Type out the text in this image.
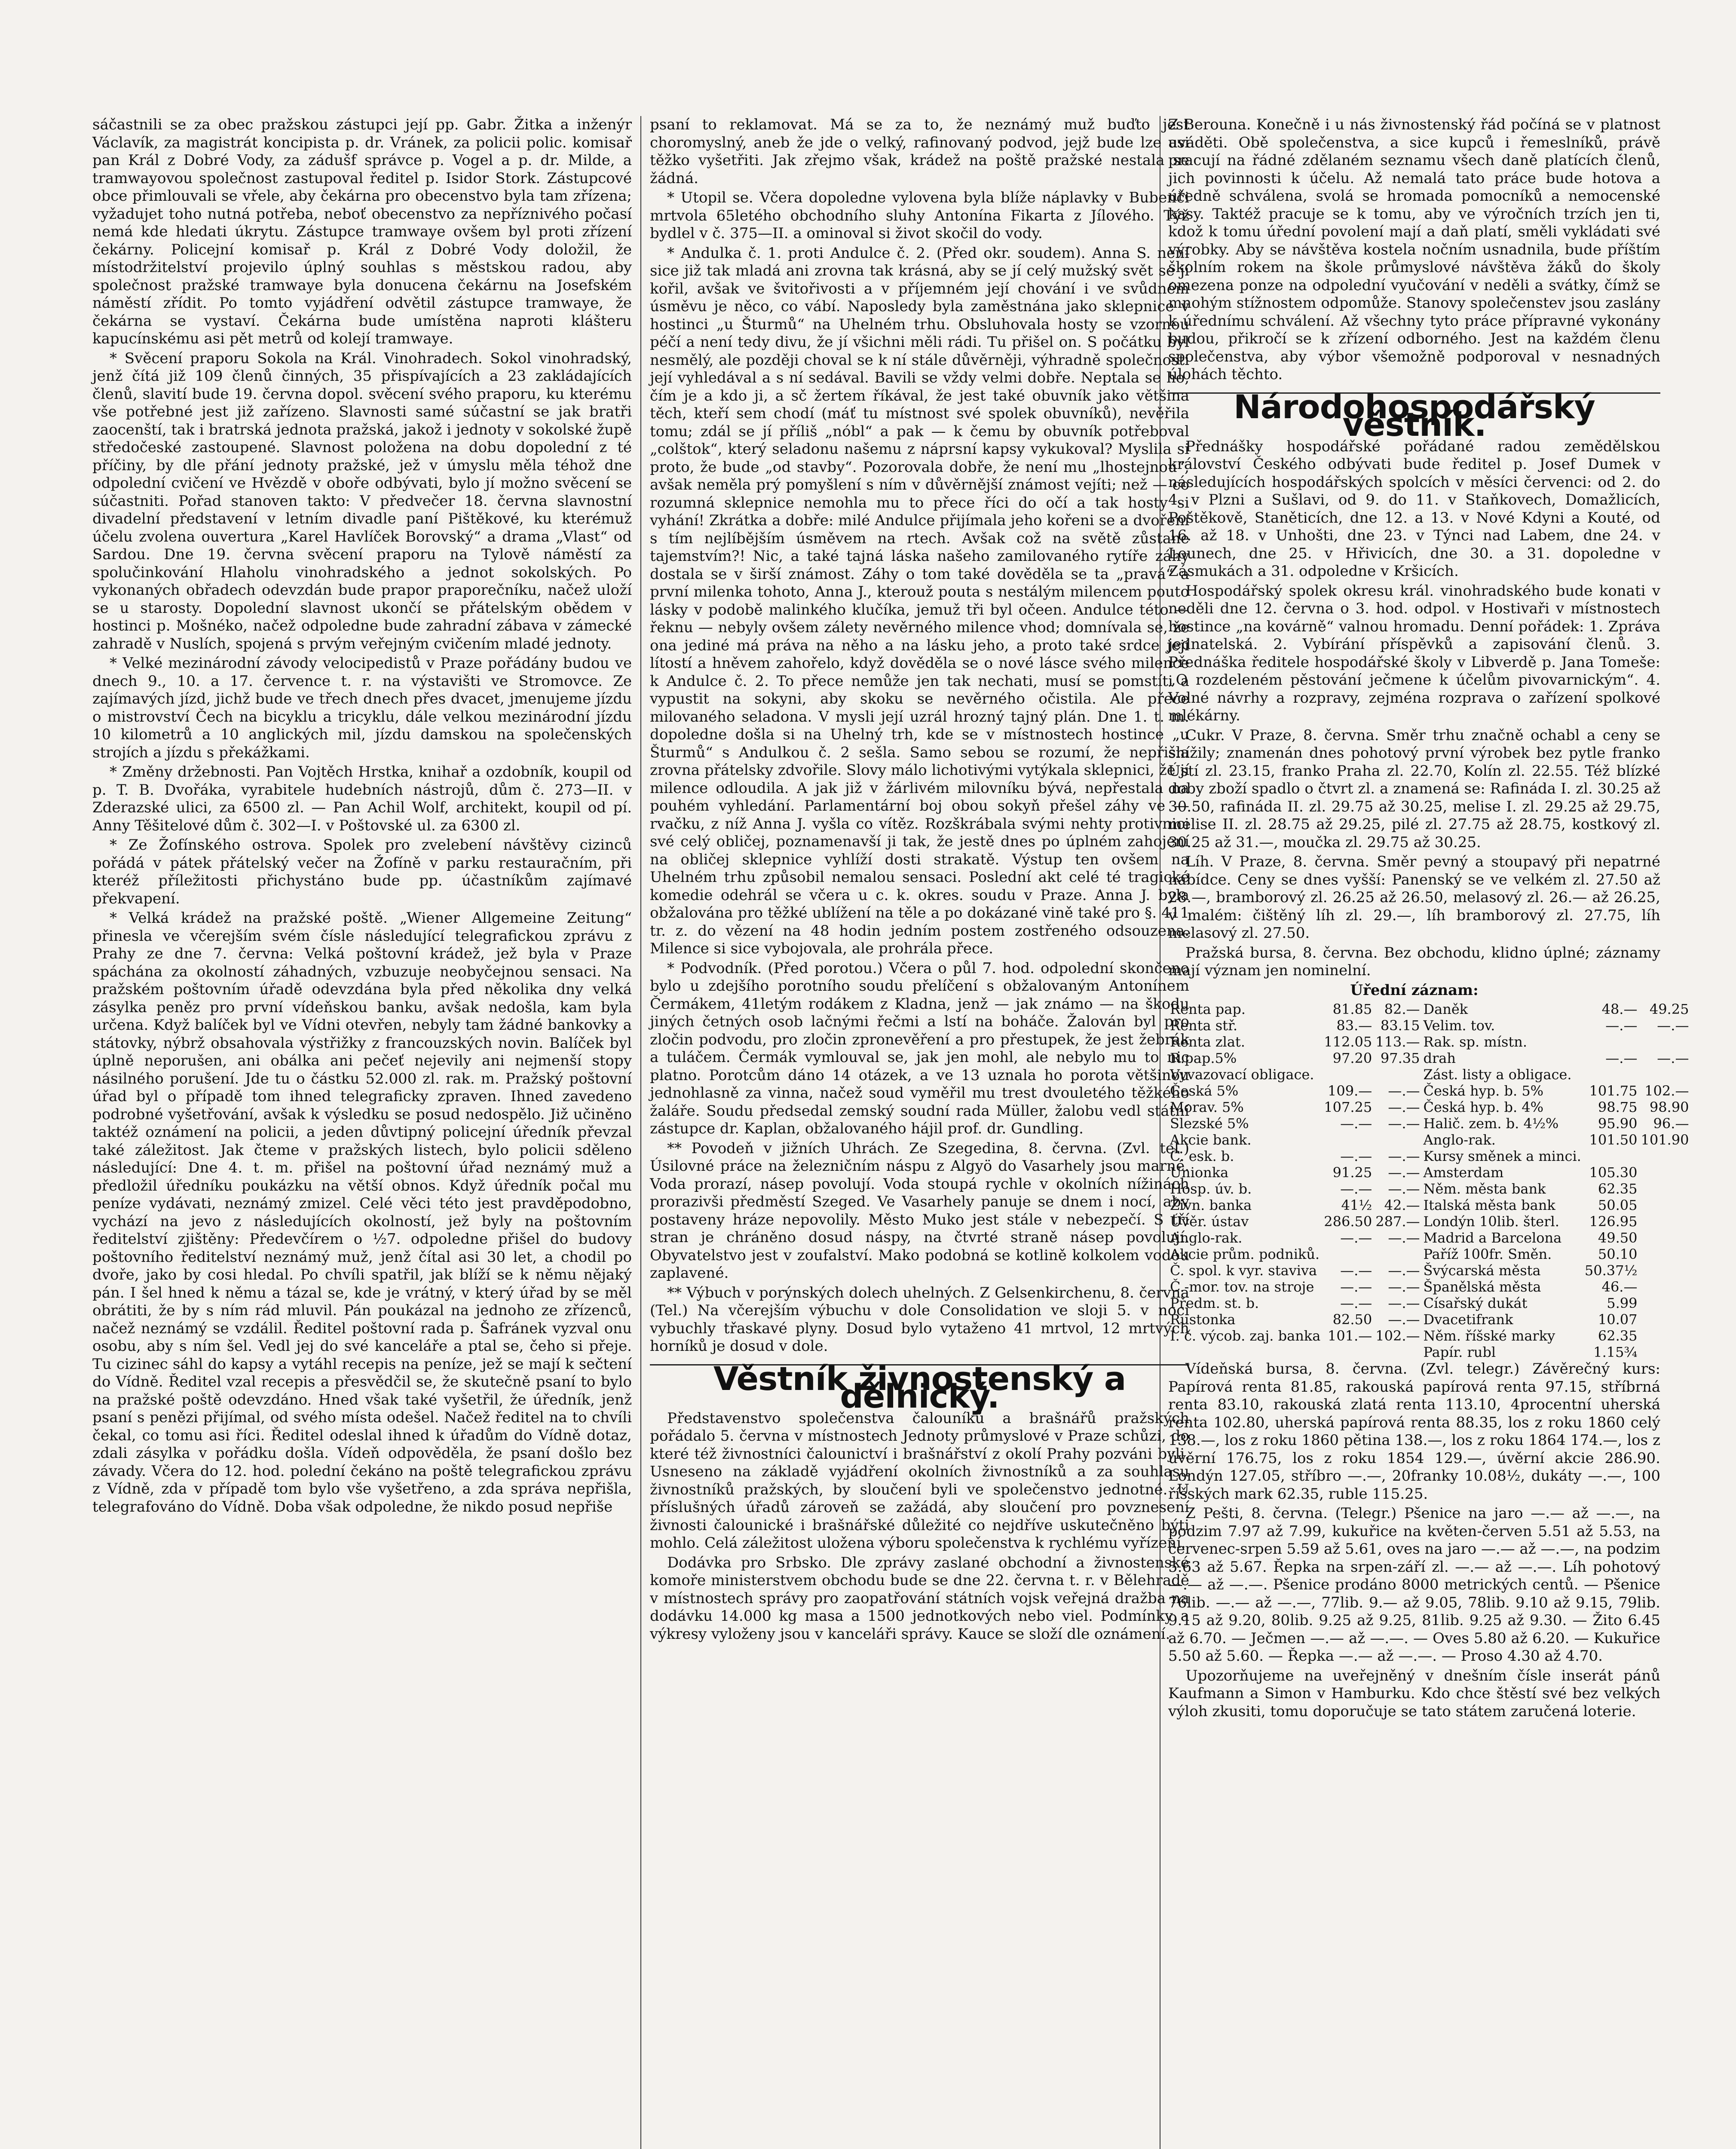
sáčastnili se za obec pražskou zástupci její pp. Gabr. Žitka a inženýr Václavík, za magistrát koncipista p. dr. Vránek, za policii polic. komisař pan Král z Dobré Vody, za zádušf správce p. Vogel a p. dr. Milde, a tramwayovou společnost zastupoval ředitel p. Isidor Stork. Zástupcové obce přimlouvali se vřele, aby čekárna pro obecenstvo byla tam zřízena; vyžadujet toho nutná potřeba, neboť obecenstvo za nepříznivého počasí nemá kde hledati úkrytu. Zástupce tramwaye ovšem byl proti zřízení čekárny. Policejní komisař p. Král z Dobré Vody doložil, že místodržitelství projevilo úplný souhlas s městskou radou, aby společnost pražské tramwaye byla donucena čekárnu na Josefském náměstí zřídit. Po tomto vyjádření odvětil zástupce tramwaye, že čekárna se vystaví. Čekárna bude umístěna naproti klášteru kapucínskému asi pět metrů od kolejí tramwaye.

* Svěcení praporu Sokola na Král. Vinohradech. Sokol vinohradský, jenž čítá již 109 členů činných, 35 přispívajících a 23 zakládajících členů, slavití bude 19. června dopol. svěcení svého praporu, ku kterému vše potřebné jest již zařízeno. Slavnosti samé súčastní se jak bratři zaocenští, tak i bratrská jednota pražská, jakož i jednoty v sokolské župě středočeské zastoupené. Slavnost položena na dobu dopolední z té příčiny, by dle přání jednoty pražské, jež v úmyslu měla téhož dne odpolední cvičení ve Hvězdě v oboře odbývati, bylo jí možno svěcení se súčastniti. Pořad stanoven takto: V předvečer 18. června slavnostní divadelní představení v letním divadle paní Pištěkové, ku kterémuž účelu zvolena ouvertura „Karel Havlíček Borovský“ a drama „Vlast“ od Sardou. Dne 19. června svěcení praporu na Tylově náměstí za spolučinkování Hlaholu vinohradského a jednot sokolských. Po vykonaných obřadech odevzdán bude prapor praporečníku, načež uloží se u starosty. Dopolední slavnost ukončí se přátelským obědem v hostinci p. Mošnéko, načež odpoledne bude zahradní zábava v zámecké zahradě v Nuslích, spojená s prvým veřejným cvičením mladé jednoty.

* Velké mezinárodní závody velocipedistů v Praze pořádány budou ve dnech 9., 10. a 17. července t. r. na výstavišti ve Stromovce. Ze zajímavých jízd, jichž bude ve třech dnech přes dvacet, jmenujeme jízdu o mistrovství Čech na bicyklu a tricyklu, dále velkou mezinárodní jízdu 10 kilometrů a 10 anglických mil, jízdu damskou na společenských strojích a jízdu s překážkami.

* Změny držebnosti. Pan Vojtěch Hrstka, knihař a ozdobník, koupil od p. T. B. Dvořáka, vyrabitele hudebních nástrojů, dům č. 273—II. v Zderazské ulici, za 6500 zl. — Pan Achil Wolf, architekt, koupil od pí. Anny Těšitelové dům č. 302—I. v Poštovské ul. za 6300 zl.

* Ze Žofínského ostrova. Spolek pro zvelebení návštěvy cizinců pořádá v pátek přátelský večer na Žofíně v parku restauračním, při kteréž příležitosti přichystáno bude pp. účastníkům zajímavé překvapení.

* Velká krádež na pražské poště. „Wiener Allgemeine Zeitung“ přinesla ve včerejším svém čísle následující telegrafickou zprávu z Prahy ze dne 7. června: Velká poštovní krádež, jež byla v Praze spáchána za okolností záhadných, vzbuzuje neobyčejnou sensaci. Na pražském poštovním úřadě odevzdána byla před několika dny velká zásylka peněz pro první vídeňskou banku, avšak nedošla, kam byla určena. Když balíček byl ve Vídni otevřen, nebyly tam žádné bankovky a státovky, nýbrž obsahovala výstřižky z francouzských novin. Balíček byl úplně neporušen, ani obálka ani pečeť nejevily ani nejmenší stopy násilného porušení. Jde tu o částku 52.000 zl. rak. m. Pražský poštovní úřad byl o případě tom ihned telegraficky zpraven. Ihned zavedeno podrobné vyšetřování, avšak k výsledku se posud nedospělo. Již učiněno taktéž oznámení na policii, a jeden důvtipný policejní úředník převzal také záležitost. Jak čteme v pražských listech, bylo policii sděleno následující: Dne 4. t. m. přišel na poštovní úřad neznámý muž a předložil úředníku poukázku na větší obnos. Když úředník počal mu peníze vydávati, neznámý zmizel. Celé věci této jest pravděpodobno, vychází na jevo z následujících okolností, jež byly na poštovním ředitelství zjištěny: Předevčírem o ½7. odpoledne přišel do budovy poštovního ředitelství neznámý muž, jenž čítal asi 30 let, a chodil po dvoře, jako by cosi hledal. Po chvíli spatřil, jak blíží se k němu nějaký pán. I šel hned k němu a tázal se, kde je vrátný, v který úřad by se měl obrátiti, že by s ním rád mluvil. Pán poukázal na jednoho ze zřízenců, načež neznámý se vzdálil. Ředitel poštovní rada p. Šafránek vyzval onu osobu, aby s ním šel. Vedl jej do své kanceláře a ptal se, čeho si přeje. Tu cizinec sáhl do kapsy a vytáhl recepis na peníze, jež se mají k sečtení do Vídně. Ředitel vzal recepis a přesvědčil se, že skutečně psaní to bylo na pražské poště odevzdáno. Hned však také vyšetřil, že úředník, jenž psaní s penězi přijímal, od svého místa odešel. Načež ředitel na to chvíli čekal, co tomu asi říci. Ředitel odeslal ihned k úřadům do Vídně dotaz, zdali zásylka v pořádku došla. Vídeň odpověděla, že psaní došlo bez závady. Včera do 12. hod. polední čekáno na poště telegrafickou zprávu z Vídně, zda v případě tom bylo vše vyšetřeno, a zda správa nepřišla, telegrafováno do Vídně. Doba však odpoledne, že nikdo posud nepřiše

psaní to reklamovat. Má se za to, že neznámý muž buďto jest choromyslný, aneb že jde o velký, rafinovaný podvod, jejž bude lze asi těžko vyšetřiti. Jak zřejmo však, krádež na poště pražské nestala se žádná.

* Utopil se. Včera dopoledne vylovena byla blíže náplavky v Bubenči mrtvola 65letého obchodního sluhy Antonína Fikarta z Jílového. Týž bydlel v č. 375—II. a ominoval si život skočil do vody.

* Andulka č. 1. proti Andulce č. 2. (Před okr. soudem). Anna S. není sice již tak mladá ani zrovna tak krásná, aby se jí celý mužský svět se jí kořil, avšak ve švitořivosti a v příjemném její chování i ve svůdném úsměvu je něco, co vábí. Naposledy byla zaměstnána jako sklepnice v hostinci „u Šturmů“ na Uhelném trhu. Obsluhovala hosty se vzornou péčí a není tedy divu, že jí všichni měli rádi. Tu přišel on. S počátku byl nesmělý, ale později choval se k ní stále důvěrněji, výhradně společnosti její vyhledával a s ní sedával. Bavili se vždy velmi dobře. Neptala se ho, čím je a kdo ji, a sč žertem říkával, že jest také obuvník jako většina těch, kteří sem chodí (máť tu místnost své spolek obuvníků), nevěřila tomu; zdál se jí příliš „nóbl“ a pak — k čemu by obuvník potřeboval „colštok“, který seladonu našemu z náprsní kapsy vykukoval? Myslila si proto, že bude „od stavby“. Pozorovala dobře, že není mu „lhostejnou“, avšak neměla prý pomyšlení s ním v důvěrnější známost vejíti; než — co rozumná sklepnice nemohla mu to přece říci do očí a tak hosty si vyhání! Zkrátka a dobře: milé Andulce přijímala jeho kořeni se a dvoření s tím nejlíbějším úsměvem na rtech. Avšak což na světě zůstane tajemstvím?! Nic, a také tajná láska našeho zamilovaného rytíře záhy dostala se v širší známost. Záhy o tom také dověděla se ta „pravá“ a první milenka tohoto, Anna J., kterouž pouta s nestálým milencem pouto lásky v podobě malinkého klučíka, jemuž tři byl očeen. Andulce této — řeknu — nebyly ovšem zálety nevěrného milence vhod; domnívala se, že ona jediné má práva na něho a na lásku jeho, a proto také srdce její lítostí a hněvem zahořelo, když dověděla se o nové lásce svého milence k Andulce č. 2. To přece nemůže jen tak nechati, musí se pomstíti a vypustit na sokyni, aby skoku se nevěrného očistila. Ale přece milovaného seladona. V mysli její uzrál hrozný tajný plán. Dne 1. t. m. dopoledne došla si na Uhelný trh, kde se v místnostech hostince „u Šturmů“ s Andulkou č. 2 sešla. Samo sebou se rozumí, že nepřišla zrovna přátelsky zdvořile. Slovy málo lichotivými vytýkala sklepnici, že jí milence odloudila. A jak již v žárlivém milovníku bývá, nepřestala na pouhém vyhledání. Parlamentární boj obou sokyň přešel záhy ve — rvačku, z níž Anna J. vyšla co vítěz. Rozškrábala svými nehty protivnici své celý obličej, poznamenavší ji tak, že jestě dnes po úplném zahojení na obličej sklepnice vyhlíží dosti strakatě. Výstup ten ovšem na Uhelném trhu způsobil nemalou sensaci. Poslední akt celé té tragické komedie odehrál se včera u c. k. okres. soudu v Praze. Anna J. byla obžalována pro těžké ublížení na těle a po dokázané vině také pro §. 411 tr. z. do vězení na 48 hodin jedním postem zostřeného odsouzena. Milence si sice vybojovala, ale prohrála přece.

* Podvodník. (Před porotou.) Včera o půl 7. hod. odpolední skončeno bylo u zdejšího porotního soudu přelíčení s obžalovaným Antonínem Čermákem, 41letým rodákem z Kladna, jenž — jak známo — na škodu jiných četných osob lačnými řečmi a lstí na boháče. Žalován byl pro zločin podvodu, pro zločin zpronevěření a pro přestupek, že jest žebrák a tuláčem. Čermák vymlouval se, jak jen mohl, ale nebylo mu to nic platno. Porotcům dáno 14 otázek, a ve 13 uznala ho porota většinou jednohlasně za vinna, načež soud vyměřil mu trest dvouletého těžkého žaláře. Soudu předsedal zemský soudní rada Müller, žalobu vedl státní zástupce dr. Kaplan, obžalovaného hájil prof. dr. Gundling.

** Povodeň v jižních Uhrách. Ze Szegedina, 8. června. (Zvl. tel.) Úsilovné práce na železničním náspu z Algyö do Vasarhely jsou marné. Voda prorazí, násep povolují. Voda stoupá rychle v okolních nížinách prorazivši předměstí Szeged. Ve Vasarhely panuje se dnem i nocí, aby postaveny hráze nepovolily. Město Muko jest stále v nebezpečí. S tří stran je chráněno dosud náspy, na čtvrté straně násep povolují. Obyvatelstvo jest v zoufalství. Mako podobná se kotlině kolkolem vodou zaplavené.

** Výbuch v porýnských dolech uhelných. Z Gelsenkirchenu, 8. června (Tel.) Na včerejším výbuchu v dole Consolidation ve sloji 5. v noci vybuchly třaskavé plyny. Dosud bylo vytaženo 41 mrtvol, 12 mrtvých horníků je dosud v dole.

Věstník živnostenský a dělnický.

Představenstvo společenstva čalouníků a brašnářů pražských pořádalo 5. června v místnostech Jednoty průmyslové v Praze schůzi, do které též živnostníci čalounictví i brašnářství z okolí Prahy pozváni byli. Usneseno na základě vyjádření okolních živnostníků a za souhlasu živnostníků pražských, by sloučení byli ve společenstvo jednotné. U příslušných úřadů zároveň se zažádá, aby sloučení pro povznesení živnosti čalounické i brašnářské důležité co nejdříve uskutečněno býti mohlo. Celá záležitost uložena výboru společenstva k rychlému vyřízení.

Dodávka pro Srbsko. Dle zprávy zaslané obchodní a živnostenské komoře ministerstvem obchodu bude se dne 22. června t. r. v Bělehradě v místnostech správy pro zaopatřování státních vojsk veřejná dražba na dodávku 14.000 kg masa a 1500 jednotkových nebo viel. Podmínky a výkresy vyloženy jsou v kanceláři správy. Kauce se složí dle oznámení.

Z Berouna. Konečně i u nás živnostenský řád počíná se v platnost uváděti. Obě společenstva, a sice kupců i řemeslníků, právě pracují na řádné zdělaném seznamu všech daně platících členů, jich povinnosti k účelu. Až nemalá tato práce bude hotova a úředně schválena, svolá se hromada pomocníků a nemocenské kasy. Taktéž pracuje se k tomu, aby ve výročních trzích jen ti, kdož k tomu úřední povolení mají a daň platí, směli vykládati své výrobky. Aby se návštěva kostela nočním usnadnila, bude příštím školním rokem na škole průmyslové návštěva žáků do školy omezena ponze na odpolední vyučování v neděli a svátky, čímž se mnohým stížnostem odpomůže. Stanovy společenstev jsou zaslány k úřednímu schválení. Až všechny tyto práce přípravné vykonány budou, přikročí se k zřízení odborného. Jest na každém členu společenstva, aby výbor všemožně podporoval v nesnadných úlohách těchto.

Národohospodářský věstník.

Přednášky hospodářské pořádané radou zemědělskou království Českého odbývati bude ředitel p. Josef Dumek v následujících hospodářských spolcích v měsíci červenci: od 2. do 4. v Plzni a Sušlavi, od 9. do 11. v Staňkovech, Domažlicích, Poštěkově, Staněticích, dne 12. a 13. v Nové Kdyni a Kouté, od 16. až 18. v Unhošti, dne 23. v Týnci nad Labem, dne 24. v Lounech, dne 25. v Hřivicích, dne 30. a 31. dopoledne v Zásmukách a 31. odpoledne v Kršicích.

Hospodářský spolek okresu král. vinohradského bude konati v neděli dne 12. června o 3. hod. odpol. v Hostivaři v místnostech hostince „na kovárně“ valnou hromadu. Denní pořádek: 1. Zpráva jednatelská. 2. Vybírání příspěvků a zapisování členů. 3. Přednáška ředitele hospodářské školy v Libverdě p. Jana Tomeše: „O rozdeleném pěstování ječmene k účelům pivovarnickým“. 4. Volné návrhy a rozpravy, zejména rozprava o zařízení spolkové mlékárny.

Cukr. V Praze, 8. června. Směr trhu značně ochabl a ceny se snížily; znamenán dnes pohotový první výrobek bez pytle franko Ústí zl. 23.15, franko Praha zl. 22.70, Kolín zl. 22.55. Též blízké doby zboží spadlo o čtvrt zl. a znamená se: Rafináda I. zl. 30.25 až 30.50, rafináda II. zl. 29.75 až 30.25, melise I. zl. 29.25 až 29.75, melise II. zl. 28.75 až 29.25, pilé zl. 27.75 až 28.75, kostkový zl. 30.25 až 31.—, moučka zl. 29.75 až 30.25.

Líh. V Praze, 8. června. Směr pevný a stoupavý při nepatrné nabídce. Ceny se dnes vyšší: Panenský se ve velkém zl. 27.50 až 28.—, bramborový zl. 26.25 až 26.50, melasový zl. 26.— až 26.25, v malém: čištěný líh zl. 29.—, líh bramborový zl. 27.75, líh melasový zl. 27.50.

Pražská bursa, 8. června. Bez obchodu, klidno úplné; záznamy mají význam jen nominelní.

Úřední záznam:
Renta pap.	81.85	82.—	Daněk	48.—	49.25
Renta stř.	83.—	83.15	Velim. tov.	—.—	—.—
Renta zlat.	112.05	113.—	Rak. sp. místn.		
R.pap.5%	97.20	97.35	drah	—.—	—.—
Vyvazovací obligace.			Zást. listy a obligace.		
Česká 5%	109.—	—.—	Česká hyp. b. 5%	101.75	102.—
Morav. 5%	107.25	—.—	Česká hyp. b. 4%	98.75	98.90
Slezské 5%	—.—	—.—	Halič. zem. b. 4½%	95.90	96.—
Akcie bank.			Anglo-rak.	101.50	101.90
Č. esk. b.	—.—	—.—	Kursy směnek a minci.		
Unionka	91.25	—.—	Amsterdam	105.30	
Hosp. úv. b.	—.—	—.—	Něm. města bank	62.35	
Živn. banka	41½	42.—	Italská města bank	50.05	
Úvěr. ústav	286.50	287.—	Londýn 10lib. šterl.	126.95	
Anglo-rak.	—.—	—.—	Madrid a Barcelona	49.50	
Akcie prům. podniků.			Paříž 100fr. Směn.	50.10	
Č. spol. k vyr. staviva	—.—	—.—	Švýcarská města	50.37½	
Č.-mor. tov. na stroje	—.—	—.—	Španělská města	46.—	
Předm. st. b.	—.—	—.—	Císařský dukát	5.99	
Rustonka	82.50	—.—	Dvacetifrank	10.07	
I. č. výcob. zaj. banka	101.—	102.—	Něm. říšské marky	62.35	
			Papír. rubl	1.15¾	

Vídeňská bursa, 8. června. (Zvl. telegr.) Závěrečný kurs: Papírová renta 81.85, rakouská papírová renta 97.15, stříbrná renta 83.10, rakouská zlatá renta 113.10, 4procentní uherská renta 102.80, uherská papírová renta 88.35, los z roku 1860 celý 138.—, los z roku 1860 pětina 138.—, los z roku 1864 174.—, los z úvěrní 176.75, los z roku 1854 129.—, úvěrní akcie 286.90. Londýn 127.05, stříbro —.—, 20franky 10.08½, dukáty —.—, 100 říšských mark 62.35, ruble 115.25.

Z Pešti, 8. června. (Telegr.) Pšenice na jaro —.— až —.—, na podzim 7.97 až 7.99, kukuřice na květen-červen 5.51 až 5.53, na červenec-srpen 5.59 až 5.61, oves na jaro —.— až —.—, na podzim 5.63 až 5.67. Řepka na srpen-září zl. —.— až —.—. Líh pohotový —.— až —.—. Pšenice prodáno 8000 metrických centů. — Pšenice 76lib. —.— až —.—, 77lib. 9.— až 9.05, 78lib. 9.10 až 9.15, 79lib. 9.15 až 9.20, 80lib. 9.25 až 9.25, 81lib. 9.25 až 9.30. — Žito 6.45 až 6.70. — Ječmen —.— až —.—. — Oves 5.80 až 6.20. — Kukuřice 5.50 až 5.60. — Řepka —.— až —.—. — Proso 4.30 až 4.70.

Upozorňujeme na uveřejněný v dnešním čísle inserát pánů Kaufmann a Simon v Hamburku. Kdo chce štěstí své bez velkých výloh zkusiti, tomu doporučuje se tato státem zaručená loterie.
